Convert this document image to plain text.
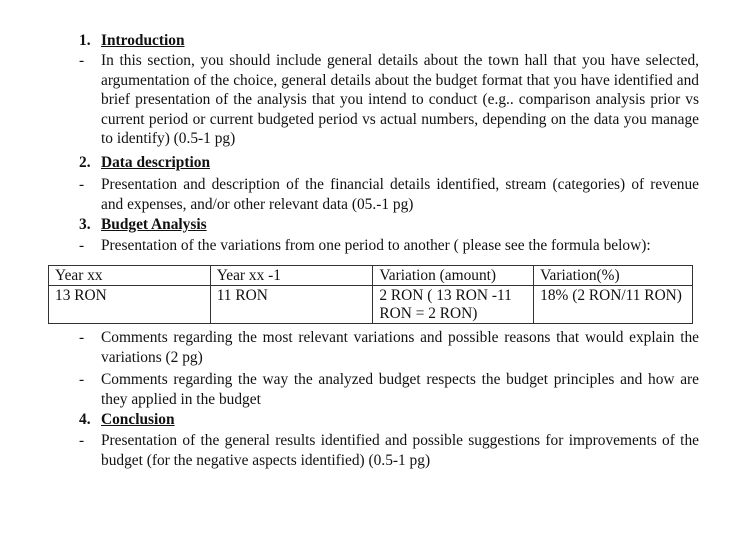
1. Introduction
- In this section, you should include general details about the town hall that you have selected, argumentation of the choice, general details about the budget format that you have identified and brief presentation of the analysis that you intend to conduct (e.g.. comparison analysis prior vs current period or current budgeted period vs actual numbers, depending on the data you manage to identify) (0.5-1 pg)
2. Data description
- Presentation and description of the financial details identified, stream (categories) of revenue and expenses, and/or other relevant data (05.-1 pg)
3. Budget Analysis
- Presentation of the variations from one period to another ( please see the formula below):
Year xx	Year xx -1	Variation (amount)	Variation(%)
13 RON	11 RON	2 RON ( 13 RON -11 RON = 2 RON)	18% (2 RON/11 RON)
- Comments regarding the most relevant variations and possible reasons that would explain the variations (2 pg)
- Comments regarding the way the analyzed budget respects the budget principles and how are they applied in the budget
4. Conclusion
- Presentation of the general results identified and possible suggestions for improvements of the budget (for the negative aspects identified) (0.5-1 pg)
